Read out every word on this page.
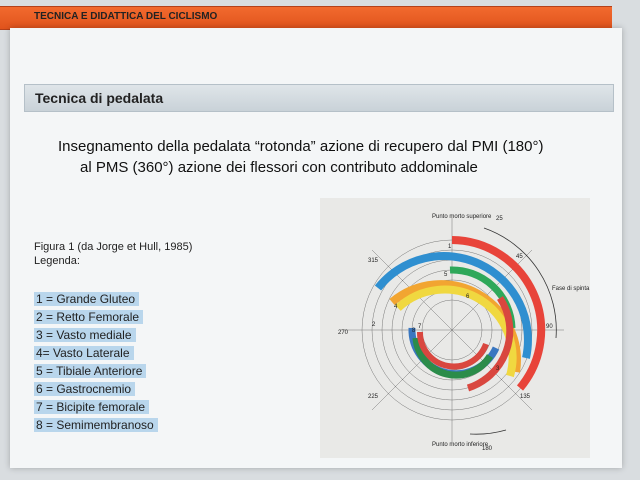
TECNICA E DIDATTICA DEL CICLISMO
Tecnica di pedalata
Insegnamento della pedalata “rotonda” azione di recupero dal PMI (180°)
al PMS (360°) azione dei flessori con contributo addominale
Figura 1 (da Jorge et Hull, 1985)
Legenda:
1 = Grande Gluteo
2 = Retto Femorale
3 = Vasto mediale
4= Vasto Laterale
5 = Tibiale Anteriore
6 = Gastrocnemio
7 = Bicipite femorale
8 = Semimembranoso
Punto morto superiore
Punto morto inferiore
Fase di spinta
25
45
90
135
180
225
270
315
1
2
3
4
5
6
7
8
